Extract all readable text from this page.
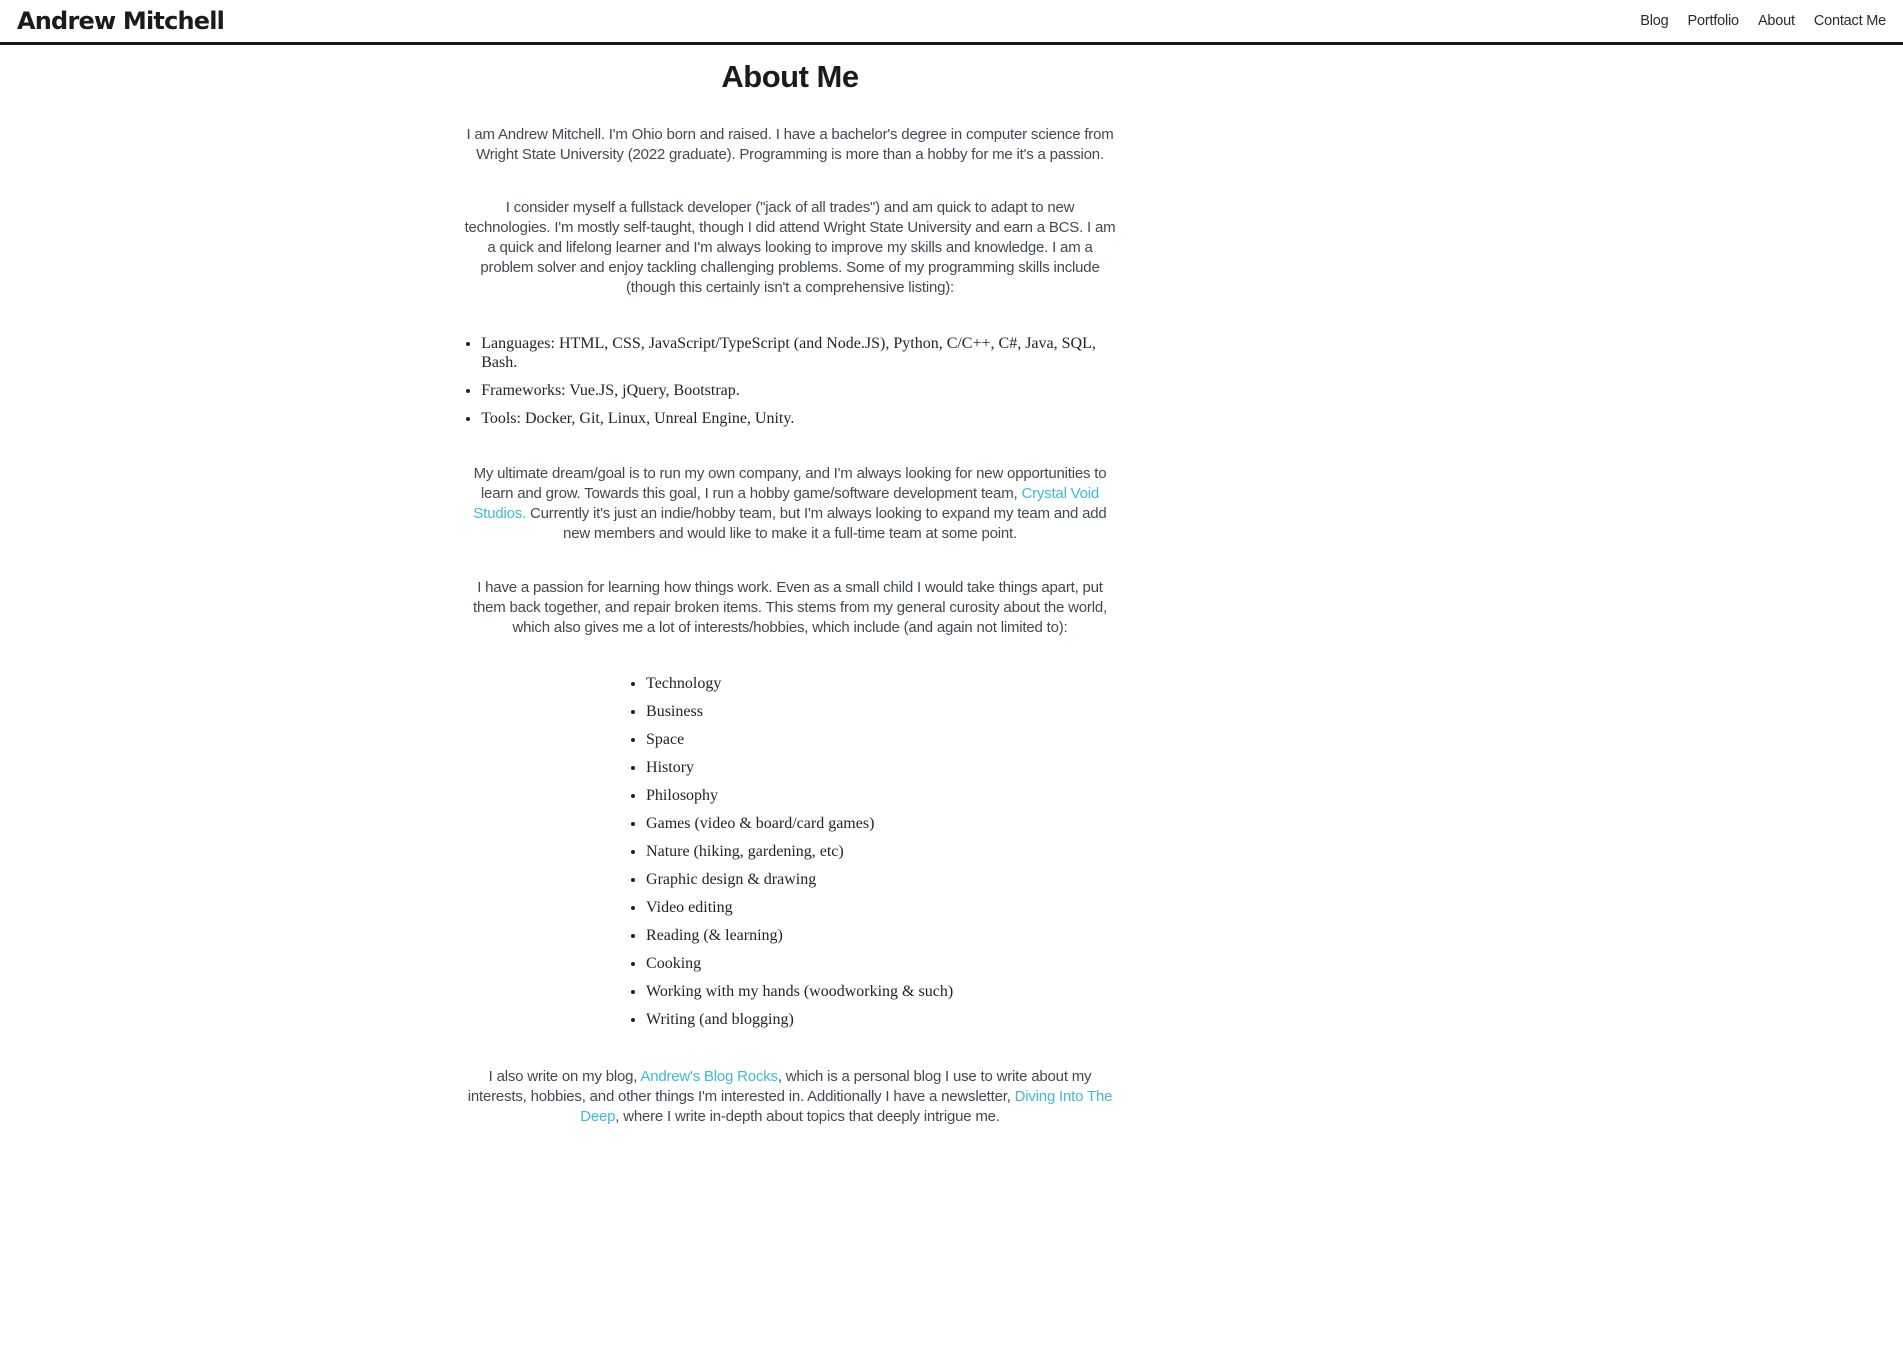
Andrew Mitchell	Blog Portfolio About Contact Me
About Me

I am Andrew Mitchell. I'm Ohio born and raised. I have a bachelor's degree in computer science from Wright State University (2022 graduate). Programming is more than a hobby for me it's a passion.

I consider myself a fullstack developer ("jack of all trades") and am quick to adapt to new technologies. I'm mostly self-taught, though I did attend Wright State University and earn a BCS. I am a quick and lifelong learner and I'm always looking to improve my skills and knowledge. I am a problem solver and enjoy tackling challenging problems. Some of my programming skills include (though this certainly isn't a comprehensive listing):

• Languages: HTML, CSS, JavaScript/TypeScript (and Node.JS), Python, C/C++, C#, Java, SQL, Bash.
• Frameworks: Vue.JS, jQuery, Bootstrap.
• Tools: Docker, Git, Linux, Unreal Engine, Unity.

My ultimate dream/goal is to run my own company, and I'm always looking for new opportunities to learn and grow. Towards this goal, I run a hobby game/software development team, Crystal Void Studios. Currently it's just an indie/hobby team, but I'm always looking to expand my team and add new members and would like to make it a full-time team at some point.

I have a passion for learning how things work. Even as a small child I would take things apart, put them back together, and repair broken items. This stems from my general curosity about the world, which also gives me a lot of interests/hobbies, which include (and again not limited to):

• Technology
• Business
• Space
• History
• Philosophy
• Games (video & board/card games)
• Nature (hiking, gardening, etc)
• Graphic design & drawing
• Video editing
• Reading (& learning)
• Cooking
• Working with my hands (woodworking & such)
• Writing (and blogging)

I also write on my blog, Andrew's Blog Rocks, which is a personal blog I use to write about my interests, hobbies, and other things I'm interested in. Additionally I have a newsletter, Diving Into The Deep, where I write in-depth about topics that deeply intrigue me.
